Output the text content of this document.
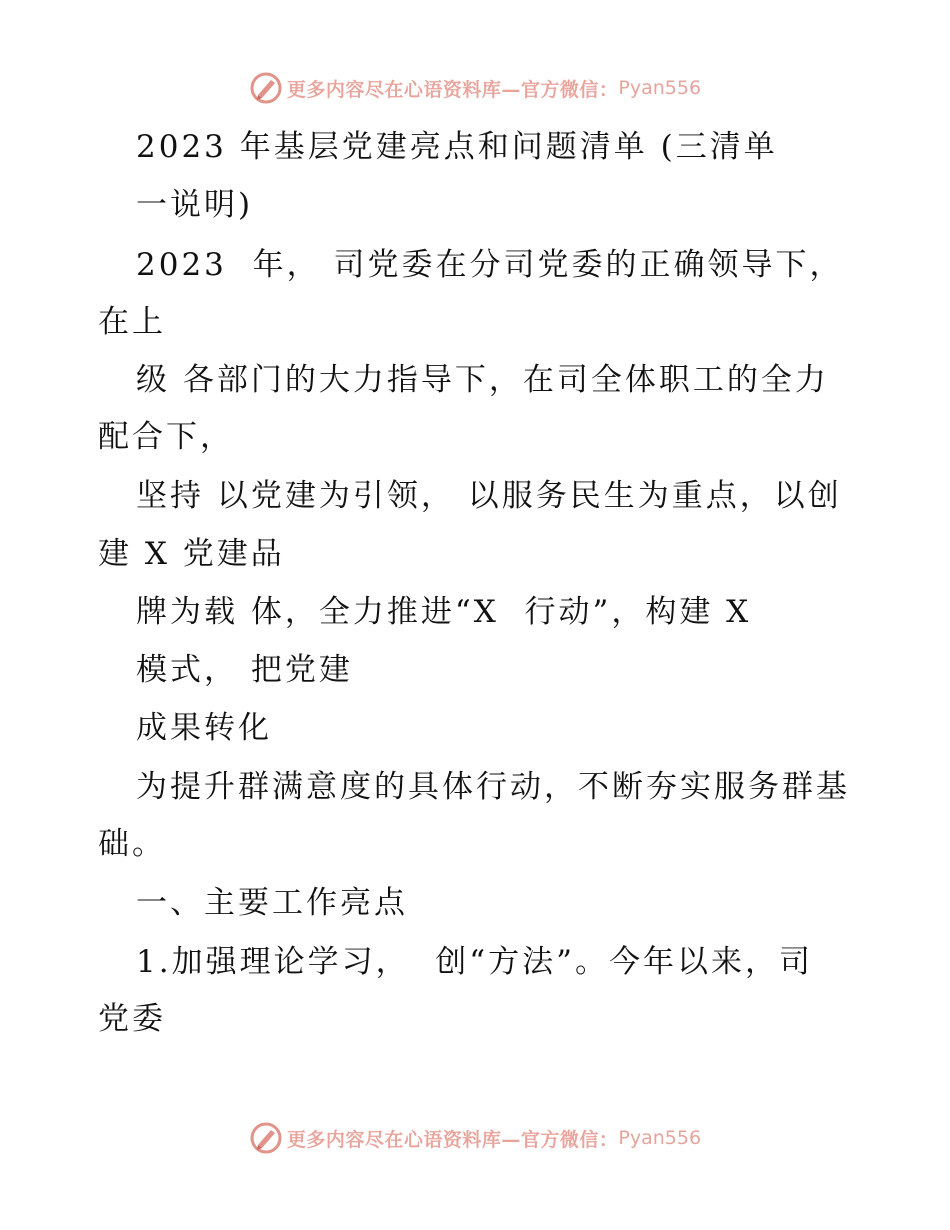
更多内容尽在心语资料库—官方微信： Pyan556
2023 年基层党建亮点和问题清单 (三清单
一说明)
2023  年， 司党委在分司党委的正确领导下，
在上
级 各部门的大力指导下，在司全体职工的全力
配合下，
坚持 以党建为引领， 以服务民生为重点，以创
建 X 党建品
牌为载 体，全力推进“X  行动”，构建 X
模式， 把党建
成果转化
为提升群满意度的具体行动，不断夯实服务群基
础。
一、主要工作亮点
1.加强理论学习，  创“方法”。今年以来，司
党委
更多内容尽在心语资料库—官方微信： Pyan556
